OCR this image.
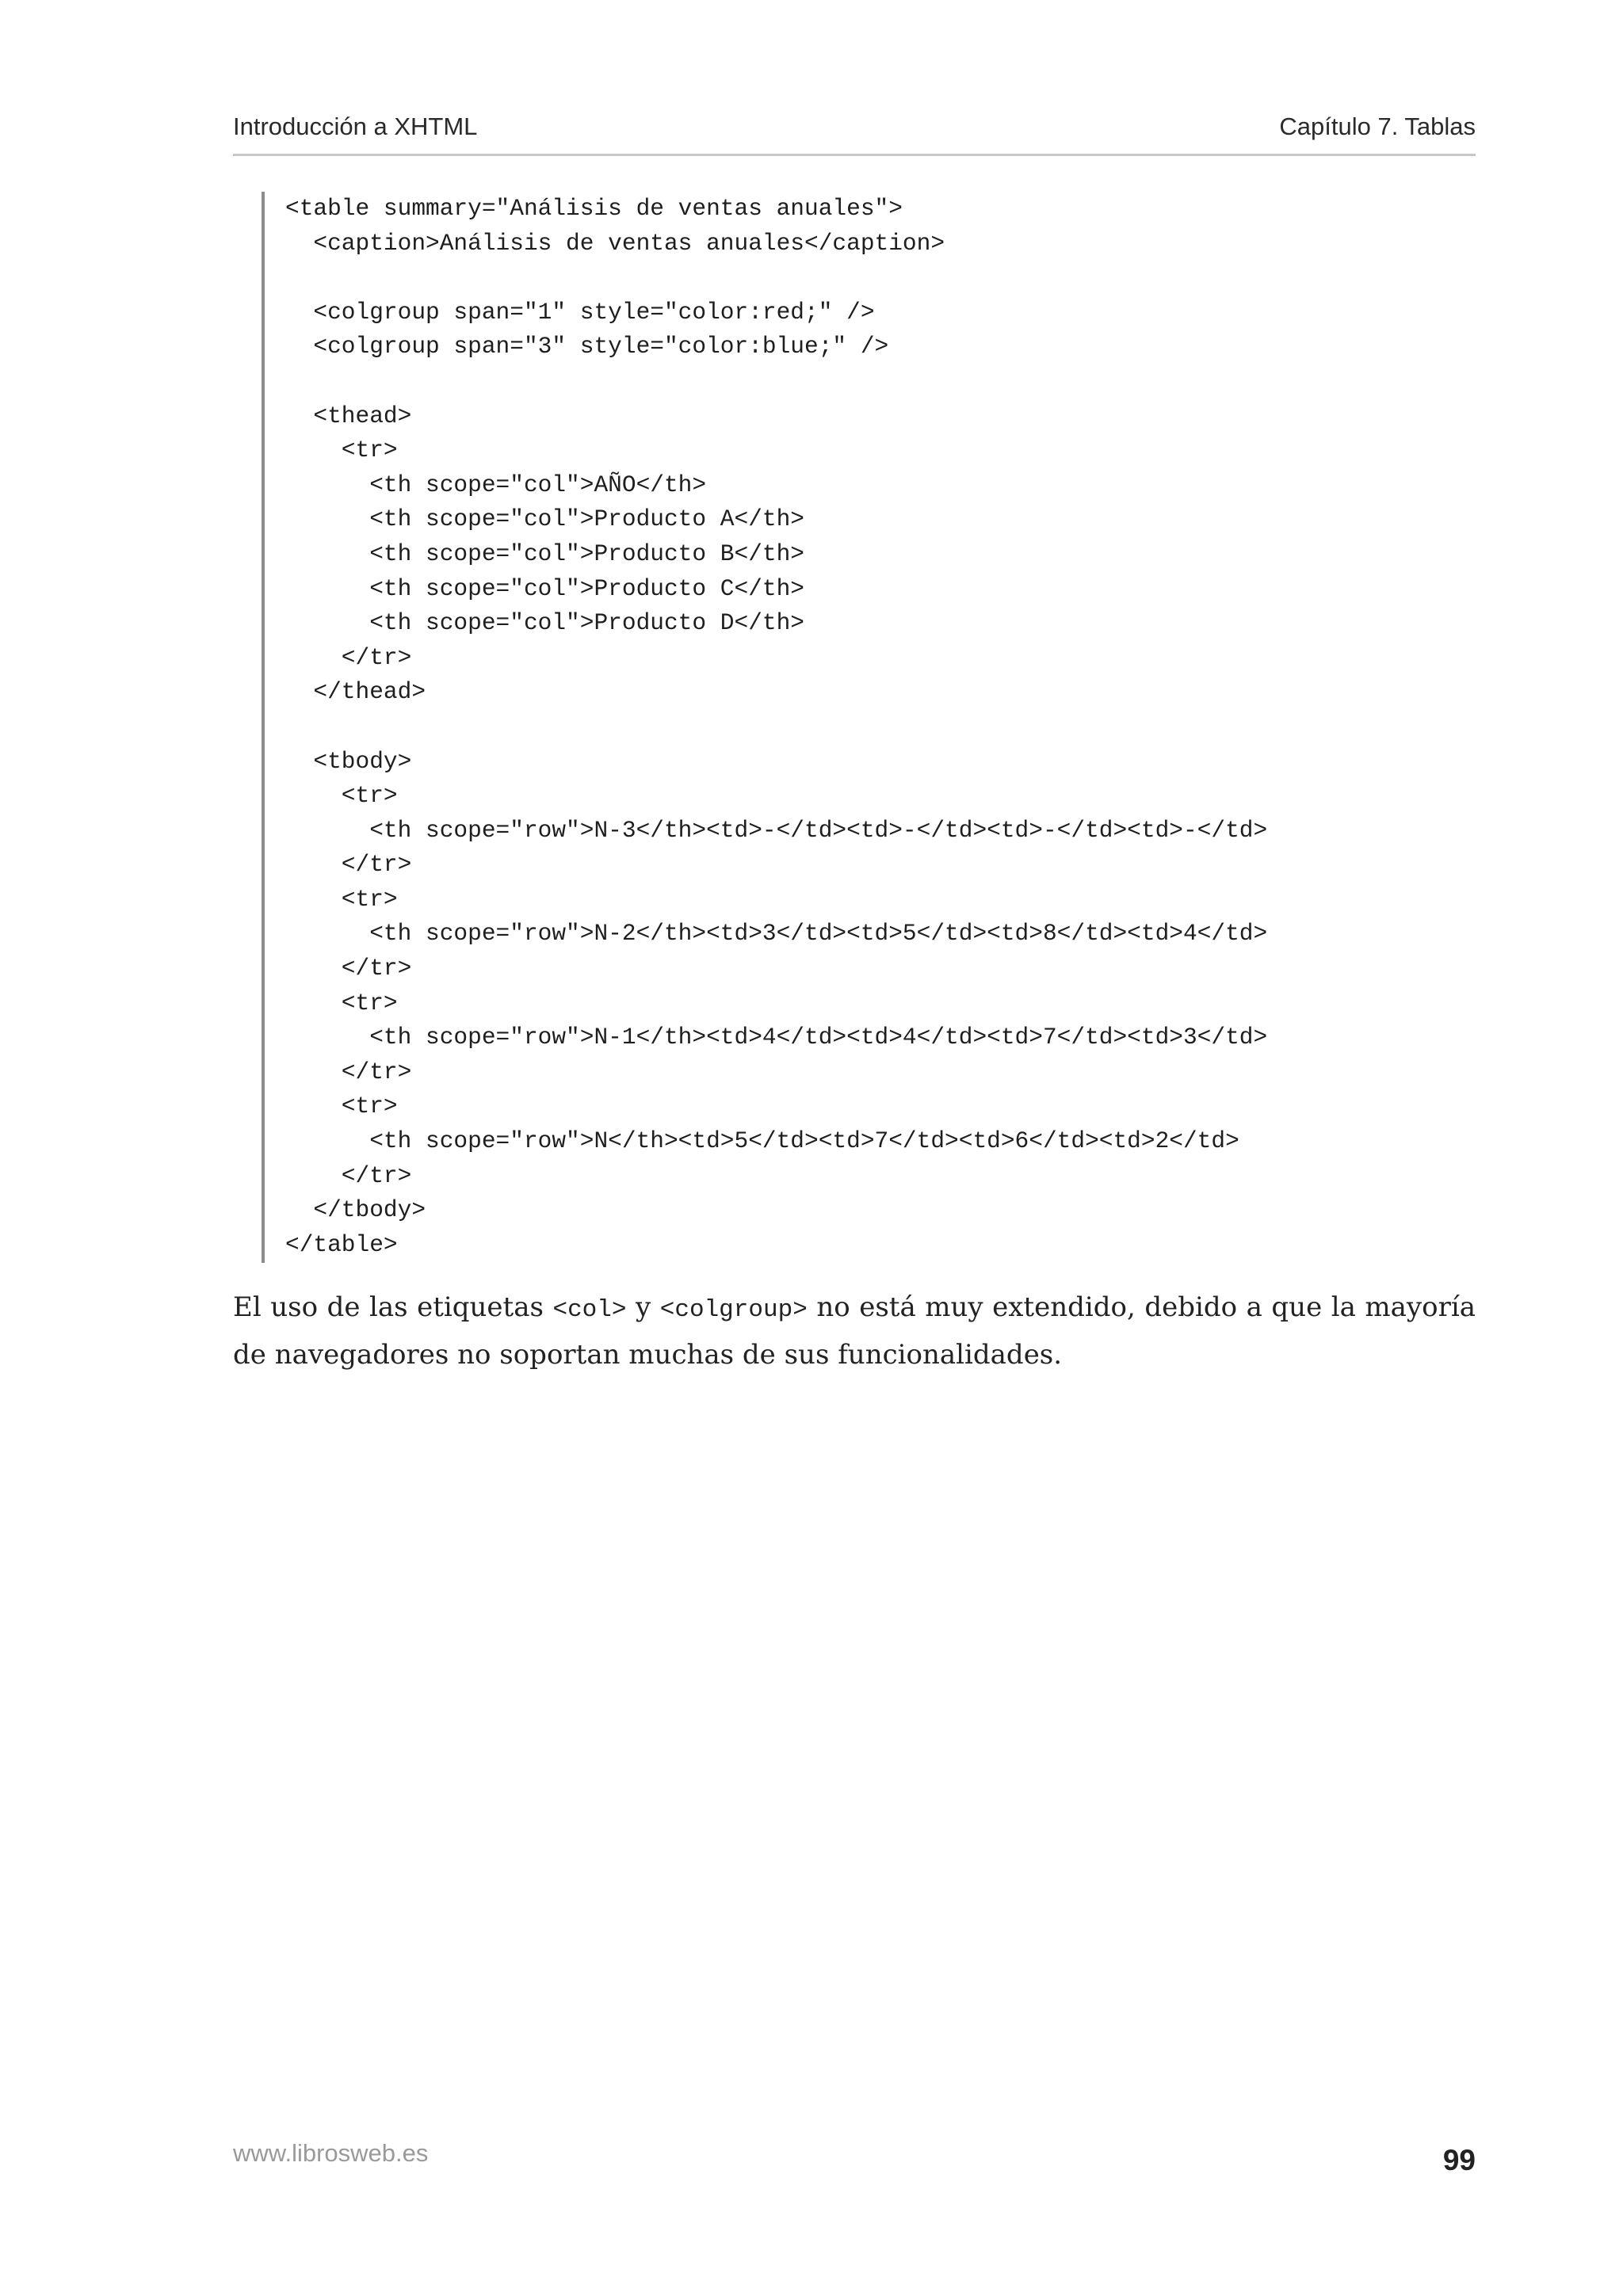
Introducción a XHTML	Capítulo 7. Tablas
<table summary="Análisis de ventas anuales">
<caption>Análisis de ventas anuales</caption>

<colgroup span="1" style="color:red;" />
<colgroup span="3" style="color:blue;" />

<thead>
<tr>
<th scope="col">AÑO</th>
<th scope="col">Producto A</th>
<th scope="col">Producto B</th>
<th scope="col">Producto C</th>
<th scope="col">Producto D</th>
</tr>
</thead>

<tbody>
<tr>
<th scope="row">N-3</th><td>-</td><td>-</td><td>-</td><td>-</td>
</tr>
<tr>
<th scope="row">N-2</th><td>3</td><td>5</td><td>8</td><td>4</td>
</tr>
<tr>
<th scope="row">N-1</th><td>4</td><td>4</td><td>7</td><td>3</td>
</tr>
<tr>
<th scope="row">N</th><td>5</td><td>7</td><td>6</td><td>2</td>
</tr>
</tbody>
</table>

El uso de las etiquetas <col> y <colgroup> no está muy extendido, debido a que la mayoría de navegadores no soportan muchas de sus funcionalidades.

www.librosweb.es	99
